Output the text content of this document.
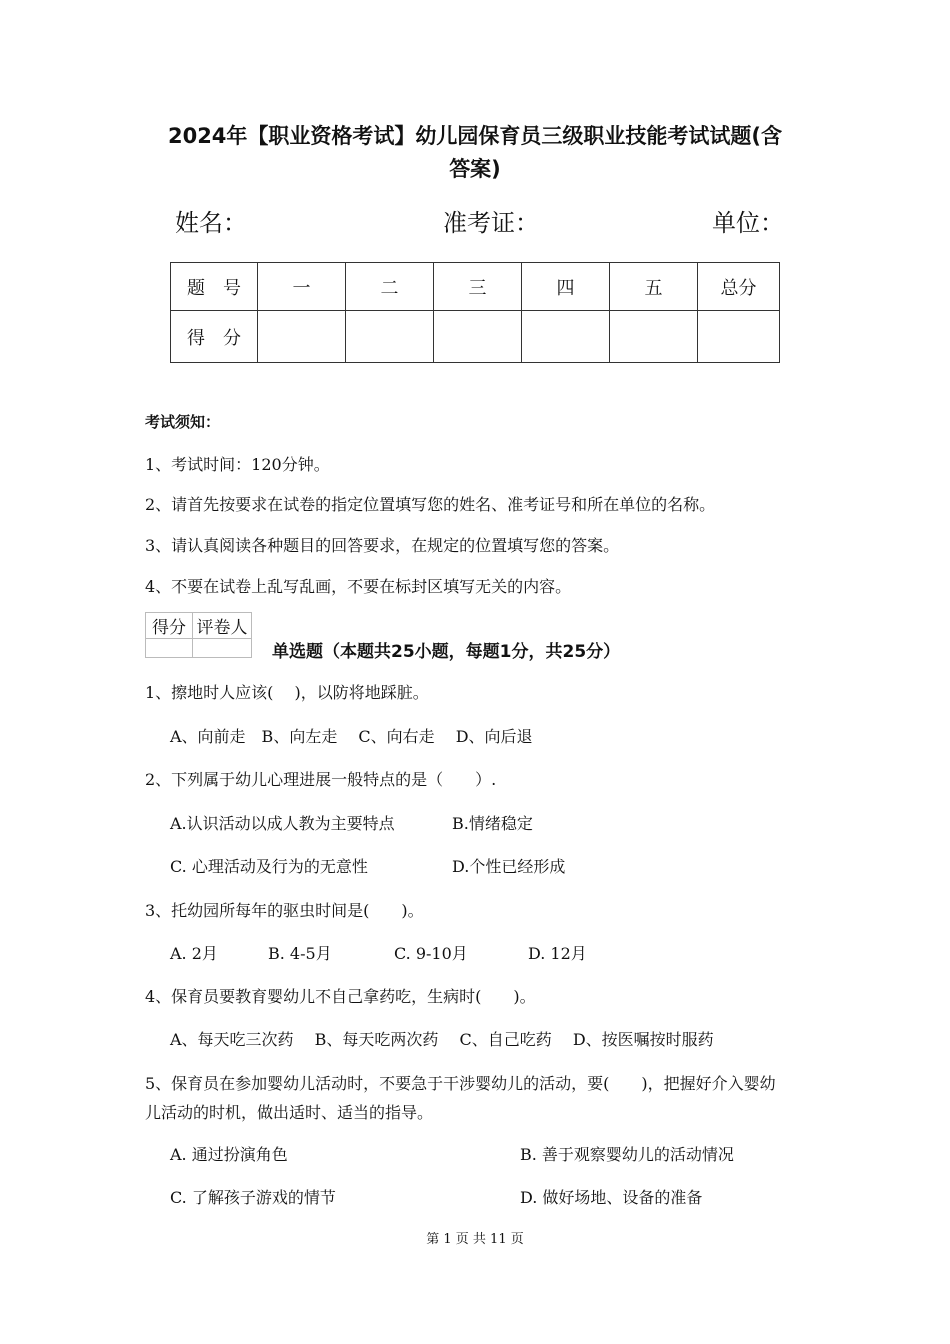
2024年【职业资格考试】幼儿园保育员三级职业技能考试试题(含
答案)
姓名：	准考证：	单位：
题　号	一	二	三	四	五	总分
得　分						
考试须知：
1、考试时间：120分钟。
2、请首先按要求在试卷的指定位置填写您的姓名、准考证号和所在单位的名称。
3、请认真阅读各种题目的回答要求，在规定的位置填写您的答案。
4、不要在试卷上乱写乱画，不要在标封区填写无关的内容。
得分	评卷人

单选题（本题共25小题，每题1分，共25分）
1、擦地时人应该(　 )，以防将地踩脏。
A、向前走　B、向左走　 C、向右走　 D、向后退
2、下列属于幼儿心理进展一般特点的是（　　）.
A.认识活动以成人教为主要特点	B.情绪稳定
C. 心理活动及行为的无意性	D.个性已经形成
3、托幼园所每年的驱虫时间是(　　)。
A. 2月	B. 4-5月	C. 9-10月	D. 12月
4、保育员要教育婴幼儿不自己拿药吃，生病时(　　)。
A、每天吃三次药　 B、每天吃两次药　 C、自己吃药　 D、按医嘱按时服药
5、保育员在参加婴幼儿活动时，不要急于干涉婴幼儿的活动，要(　　)，把握好介入婴幼
儿活动的时机，做出适时、适当的指导。
A. 通过扮演角色	B. 善于观察婴幼儿的活动情况
C. 了解孩子游戏的情节	D. 做好场地、设备的准备
第 1 页 共 11 页
